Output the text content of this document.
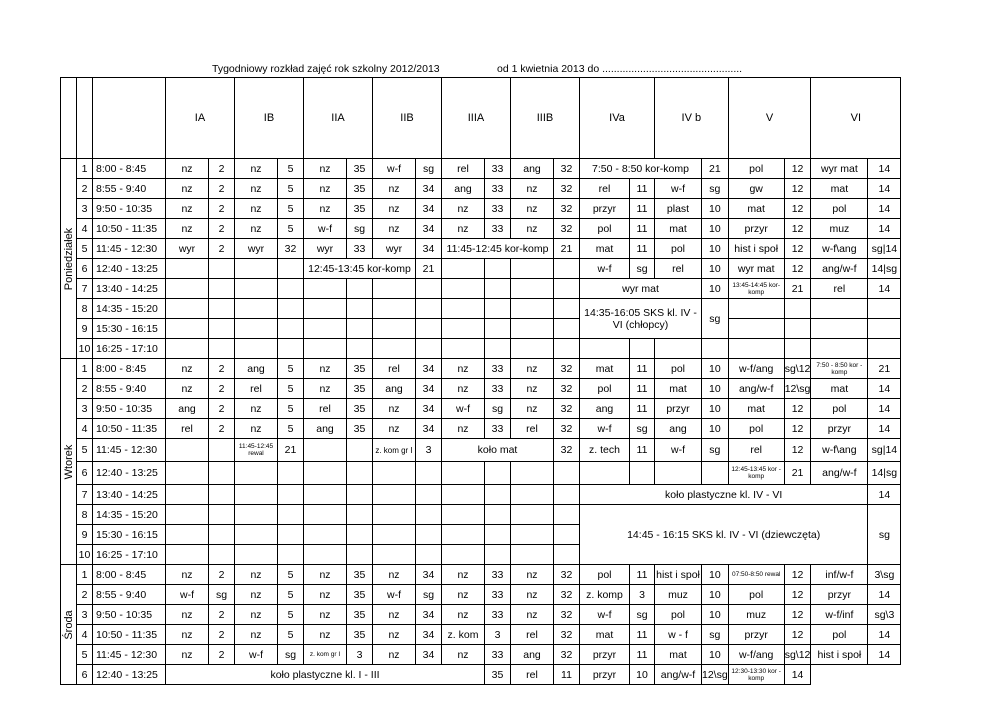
Tygodniowy rozkład zajęć rok szkolny 2012/2013	od 1 kwietnia 2013 do ................................................
			IA		IB		IIA		IIB		IIIA		IIIB		IVa		IV b		V		VI	

Poniedziałek	1	8:00 - 8:45	nz	2	nz	5	nz	35	w-f	sg	rel	33	ang	32	7:50 - 8:50 kor-komp			21	pol	12	wyr mat	14
	2	8:55 - 9:40	nz	2	nz	5	nz	35	nz	34	ang	33	nz	32	rel	11	w-f	sg	gw	12	mat	14
	3	9:50 - 10:35	nz	2	nz	5	nz	35	nz	34	nz	33	nz	32	przyr	11	plast	10	mat	12	pol	14
	4	10:50 - 11:35	nz	2	nz	5	w-f	sg	nz	34	nz	33	nz	32	pol	11	mat	10	przyr	12	muz	14
	5	11:45 - 12:30	wyr	2	wyr	32	wyr	33	wyr	34	11:45-12:45 kor-komp			21	mat	11	pol	10	hist i społ	12	w-f\ang	sg|14
	6	12:40 - 13:25					12:45-13:45 kor-komp			21					w-f	sg	rel	10	wyr mat	12	ang/w-f	14|sg
	7	13:40 - 14:25													wyr mat			10	13:45-14:45 kor-komp	21	rel	14
	8	14:35 - 15:20													14:35-16:05 SKS kl. IV - VI (chłopcy)			sg				
	9	15:30 - 16:15																				
	10	16:25 - 17:10																				

Wtorek	1	8:00 - 8:45	nz	2	ang	5	nz	35	rel	34	nz	33	nz	32	mat	11	pol	10	w-f/ang	sg\12	7:50 - 8:50 kor - komp	21
	2	8:55 - 9:40	nz	2	rel	5	nz	35	ang	34	nz	33	nz	32	pol	11	mat	10	ang/w-f	12\sg	mat	14
	3	9:50 - 10:35	ang	2	nz	5	rel	35	nz	34	w-f	sg	nz	32	ang	11	przyr	10	mat	12	pol	14
	4	10:50 - 11:35	rel	2	nz	5	ang	35	nz	34	nz	33	rel	32	w-f	sg	ang	10	pol	12	przyr	14
	5	11:45 - 12:30			11:45-12:45 rewal	21			z. kom gr I	3	koło mat			32	z. tech	11	w-f	sg	rel	12	w-f\ang	sg|14
	6	12:40 - 13:25																	12:45-13:45 kor - komp	21	ang/w-f	14|sg
	7	13:40 - 14:25													koło plastyczne kl. IV - VI							14
	8	14:35 - 15:20													14:45 - 16:15 SKS kl. IV - VI (dziewczęta)							sg
	9	15:30 - 16:15																				
	10	16:25 - 17:10																				

Środa	1	8:00 - 8:45	nz	2	nz	5	nz	35	nz	34	nz	33	nz	32	pol	11	hist i społ	10	07:50-8:50 rewal	12	inf/w-f	3\sg
	2	8:55 - 9:40	w-f	sg	nz	5	nz	35	w-f	sg	nz	33	nz	32	z. komp	3	muz	10	pol	12	przyr	14
	3	9:50 - 10:35	nz	2	nz	5	nz	35	nz	34	nz	33	nz	32	w-f	sg	pol	10	muz	12	w-f/inf	sg\3
	4	10:50 - 11:35	nz	2	nz	5	nz	35	nz	34	z. kom	3	rel	32	mat	11	w - f	sg	przyr	12	pol	14
	5	11:45 - 12:30	nz	2	w-f	sg	z. kom gr I	3	nz	34	nz	33	ang	32	przyr	11	mat	10	w-f/ang	sg\12	hist i społ	14
	6	12:40 - 13:25	koło plastyczne kl. I - III									35	rel	11	przyr	10	ang/w-f	12\sg	12:30-13:30 kor - komp	14		
